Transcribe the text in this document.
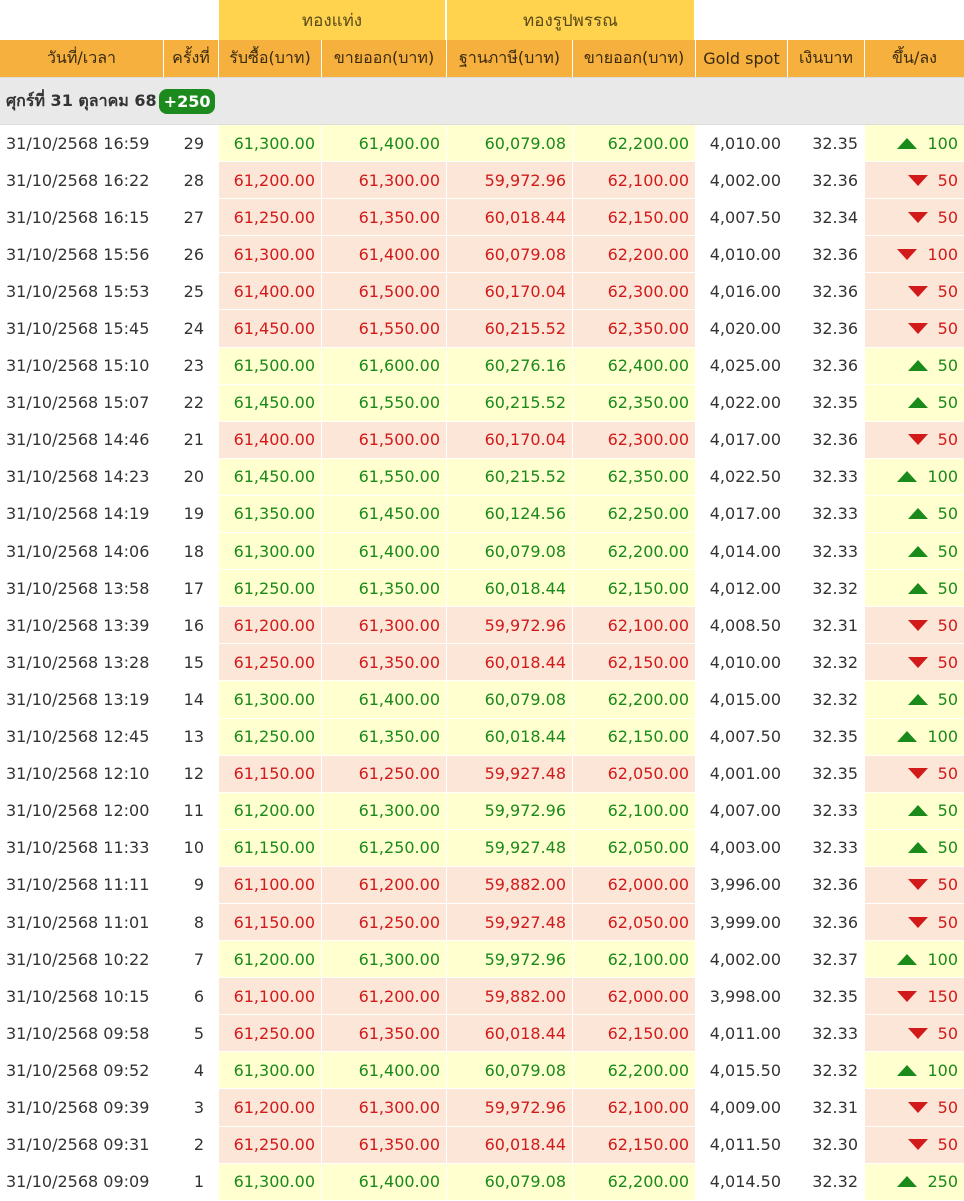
ทองแท่ง	ทองรูปพรรณ
วันที่/เวลา	ครั้งที่	รับซื้อ(บาท)	ขายออก(บาท)	ฐานภาษี(บาท)	ขายออก(บาท)	Gold spot	เงินบาท	ขึ้น/ลง
ศุกร์ที่ 31 ตุลาคม 68 +250
31/10/2568 16:59	29	61,300.00	61,400.00	60,079.08	62,200.00	4,010.00	32.35	100
31/10/2568 16:22	28	61,200.00	61,300.00	59,972.96	62,100.00	4,002.00	32.36	50
31/10/2568 16:15	27	61,250.00	61,350.00	60,018.44	62,150.00	4,007.50	32.34	50
31/10/2568 15:56	26	61,300.00	61,400.00	60,079.08	62,200.00	4,010.00	32.36	100
31/10/2568 15:53	25	61,400.00	61,500.00	60,170.04	62,300.00	4,016.00	32.36	50
31/10/2568 15:45	24	61,450.00	61,550.00	60,215.52	62,350.00	4,020.00	32.36	50
31/10/2568 15:10	23	61,500.00	61,600.00	60,276.16	62,400.00	4,025.00	32.36	50
31/10/2568 15:07	22	61,450.00	61,550.00	60,215.52	62,350.00	4,022.00	32.35	50
31/10/2568 14:46	21	61,400.00	61,500.00	60,170.04	62,300.00	4,017.00	32.36	50
31/10/2568 14:23	20	61,450.00	61,550.00	60,215.52	62,350.00	4,022.50	32.33	100
31/10/2568 14:19	19	61,350.00	61,450.00	60,124.56	62,250.00	4,017.00	32.33	50
31/10/2568 14:06	18	61,300.00	61,400.00	60,079.08	62,200.00	4,014.00	32.33	50
31/10/2568 13:58	17	61,250.00	61,350.00	60,018.44	62,150.00	4,012.00	32.32	50
31/10/2568 13:39	16	61,200.00	61,300.00	59,972.96	62,100.00	4,008.50	32.31	50
31/10/2568 13:28	15	61,250.00	61,350.00	60,018.44	62,150.00	4,010.00	32.32	50
31/10/2568 13:19	14	61,300.00	61,400.00	60,079.08	62,200.00	4,015.00	32.32	50
31/10/2568 12:45	13	61,250.00	61,350.00	60,018.44	62,150.00	4,007.50	32.35	100
31/10/2568 12:10	12	61,150.00	61,250.00	59,927.48	62,050.00	4,001.00	32.35	50
31/10/2568 12:00	11	61,200.00	61,300.00	59,972.96	62,100.00	4,007.00	32.33	50
31/10/2568 11:33	10	61,150.00	61,250.00	59,927.48	62,050.00	4,003.00	32.33	50
31/10/2568 11:11	9	61,100.00	61,200.00	59,882.00	62,000.00	3,996.00	32.36	50
31/10/2568 11:01	8	61,150.00	61,250.00	59,927.48	62,050.00	3,999.00	32.36	50
31/10/2568 10:22	7	61,200.00	61,300.00	59,972.96	62,100.00	4,002.00	32.37	100
31/10/2568 10:15	6	61,100.00	61,200.00	59,882.00	62,000.00	3,998.00	32.35	150
31/10/2568 09:58	5	61,250.00	61,350.00	60,018.44	62,150.00	4,011.00	32.33	50
31/10/2568 09:52	4	61,300.00	61,400.00	60,079.08	62,200.00	4,015.50	32.32	100
31/10/2568 09:39	3	61,200.00	61,300.00	59,972.96	62,100.00	4,009.00	32.31	50
31/10/2568 09:31	2	61,250.00	61,350.00	60,018.44	62,150.00	4,011.50	32.30	50
31/10/2568 09:09	1	61,300.00	61,400.00	60,079.08	62,200.00	4,014.50	32.32	250
